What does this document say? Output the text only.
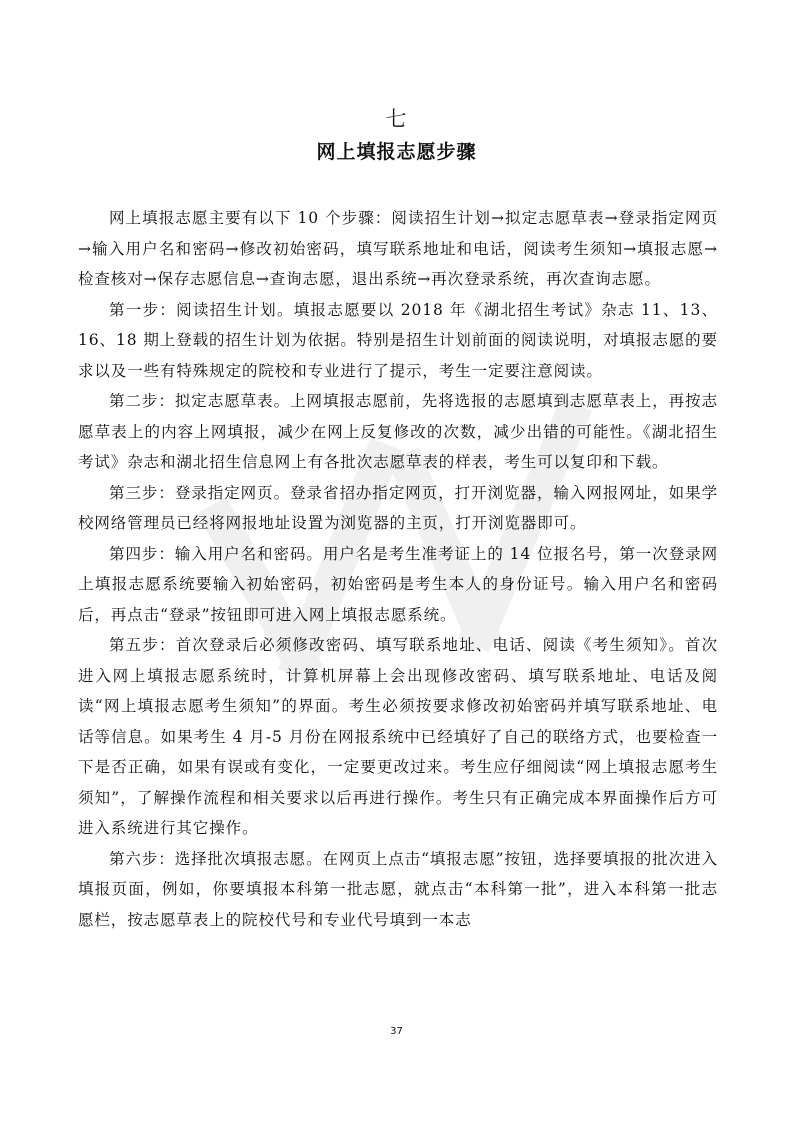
七
网上填报志愿步骤

网上填报志愿主要有以下 10 个步骤：阅读招生计划→拟定志愿草表→登录指定网页→输入用户名和密码→修改初始密码，填写联系地址和电话，阅读考生须知→填报志愿→检查核对→保存志愿信息→查询志愿，退出系统→再次登录系统，再次查询志愿。

第一步：阅读招生计划。填报志愿要以 2018 年《湖北招生考试》杂志 11、13、16、18 期上登载的招生计划为依据。特别是招生计划前面的阅读说明，对填报志愿的要求以及一些有特殊规定的院校和专业进行了提示，考生一定要注意阅读。

第二步：拟定志愿草表。上网填报志愿前，先将选报的志愿填到志愿草表上，再按志愿草表上的内容上网填报，减少在网上反复修改的次数，减少出错的可能性。《湖北招生考试》杂志和湖北招生信息网上有各批次志愿草表的样表，考生可以复印和下载。

第三步：登录指定网页。登录省招办指定网页，打开浏览器，输入网报网址，如果学校网络管理员已经将网报地址设置为浏览器的主页，打开浏览器即可。

第四步：输入用户名和密码。用户名是考生准考证上的 14 位报名号，第一次登录网上填报志愿系统要输入初始密码，初始密码是考生本人的身份证号。输入用户名和密码后，再点击“登录”按钮即可进入网上填报志愿系统。

第五步：首次登录后必须修改密码、填写联系地址、电话、阅读《考生须知》。首次进入网上填报志愿系统时，计算机屏幕上会出现修改密码、填写联系地址、电话及阅读“网上填报志愿考生须知”的界面。考生必须按要求修改初始密码并填写联系地址、电话等信息。如果考生 4 月-5 月份在网报系统中已经填好了自己的联络方式，也要检查一下是否正确，如果有误或有变化，一定要更改过来。考生应仔细阅读“网上填报志愿考生须知”，了解操作流程和相关要求以后再进行操作。考生只有正确完成本界面操作后方可进入系统进行其它操作。

第六步：选择批次填报志愿。在网页上点击“填报志愿”按钮，选择要填报的批次进入填报页面，例如，你要填报本科第一批志愿，就点击“本科第一批”，进入本科第一批志愿栏，按志愿草表上的院校代号和专业代号填到一本志

37
